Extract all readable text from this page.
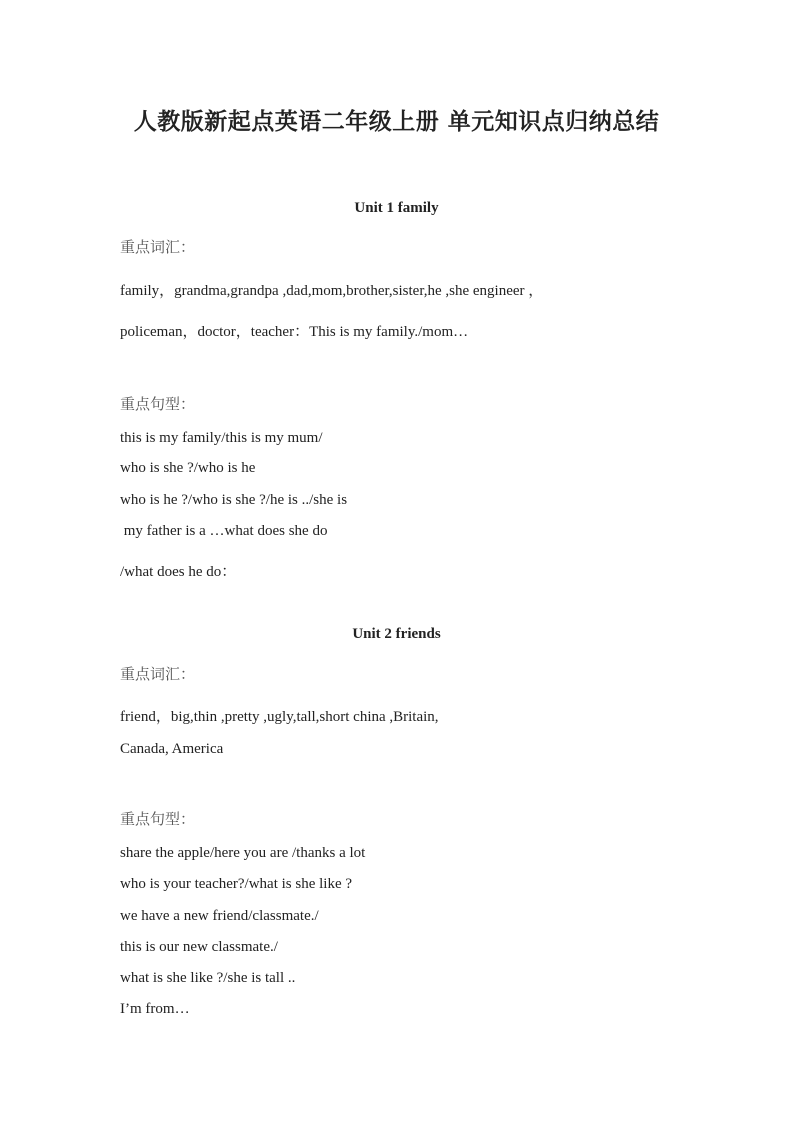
人教版新起点英语二年级上册 单元知识点归纳总结
Unit 1 family
重点词汇：
family，grandma,grandpa ,dad,mom,brother,sister,he ,she engineer ，
policeman，doctor，teacher：This is my family./mom…
重点句型：
this is my family/this is my mum/
who is she ?/who is he
who is he ?/who is she ?/he is ../she is
my father is a …what does she do
/what does he do：
Unit 2 friends
重点词汇：
friend，big,thin ,pretty ,ugly,tall,short china ,Britain,
Canada, America
重点句型：
share the apple/here you are /thanks a lot
who is your teacher?/what is she like ?
we have a new friend/classmate./
this is our new classmate./
what is she like ?/she is tall ..
I’m from…
